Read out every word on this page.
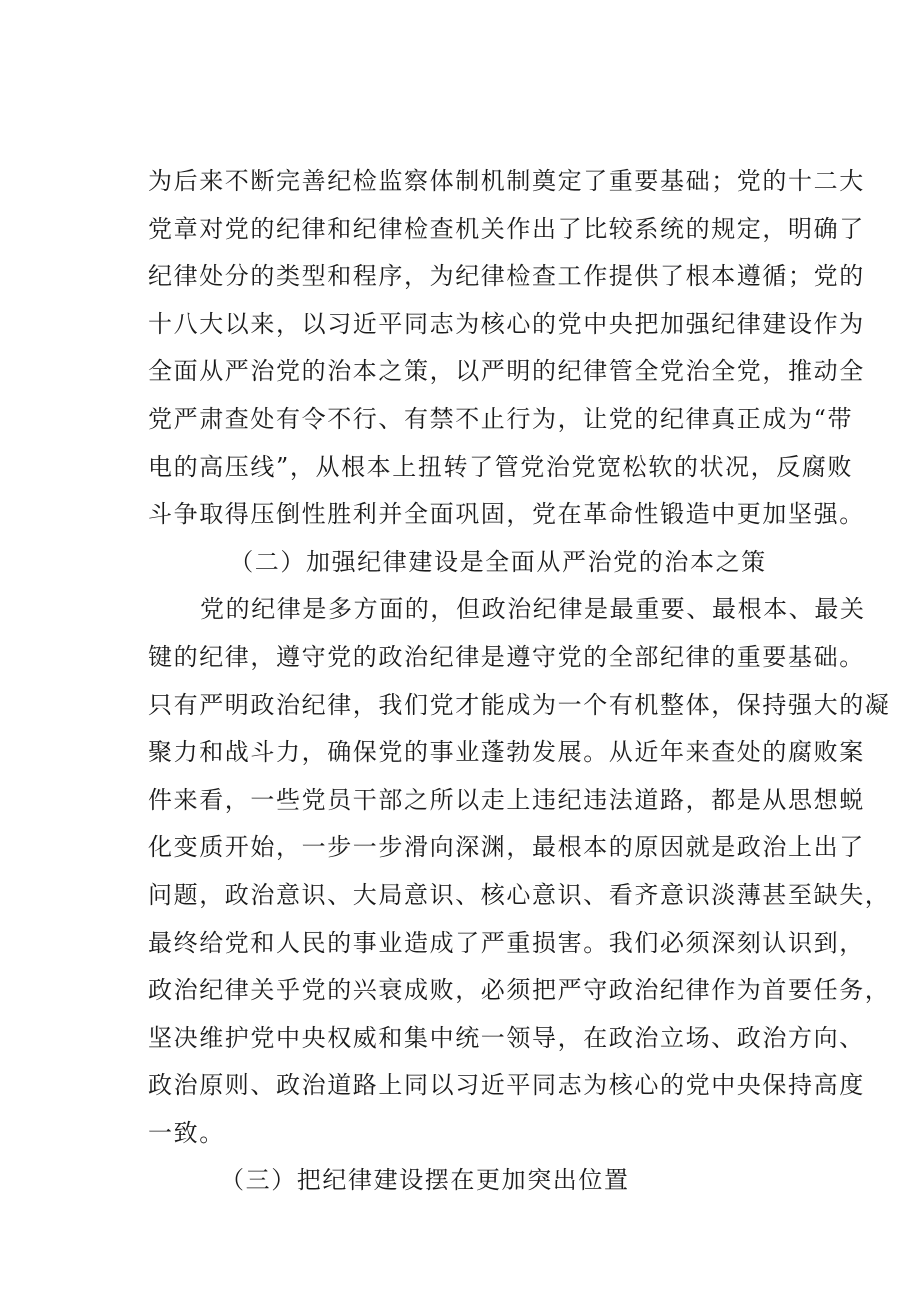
为后来不断完善纪检监察体制机制奠定了重要基础；党的十二大
党章对党的纪律和纪律检查机关作出了比较系统的规定，明确了
纪律处分的类型和程序，为纪律检查工作提供了根本遵循；党的
十八大以来，以习近平同志为核心的党中央把加强纪律建设作为
全面从严治党的治本之策，以严明的纪律管全党治全党，推动全
党严肃查处有令不行、有禁不止行为，让党的纪律真正成为“带
电的高压线”，从根本上扭转了管党治党宽松软的状况，反腐败
斗争取得压倒性胜利并全面巩固，党在革命性锻造中更加坚强。
（二）加强纪律建设是全面从严治党的治本之策
党的纪律是多方面的，但政治纪律是最重要、最根本、最关
键的纪律，遵守党的政治纪律是遵守党的全部纪律的重要基础。
只有严明政治纪律，我们党才能成为一个有机整体，保持强大的凝
聚力和战斗力，确保党的事业蓬勃发展。从近年来查处的腐败案
件来看，一些党员干部之所以走上违纪违法道路，都是从思想蜕
化变质开始，一步一步滑向深渊，最根本的原因就是政治上出了
问题，政治意识、大局意识、核心意识、看齐意识淡薄甚至缺失，
最终给党和人民的事业造成了严重损害。我们必须深刻认识到，
政治纪律关乎党的兴衰成败，必须把严守政治纪律作为首要任务，
坚决维护党中央权威和集中统一领导，在政治立场、政治方向、
政治原则、政治道路上同以习近平同志为核心的党中央保持高度
一致。
（三）把纪律建设摆在更加突出位置
